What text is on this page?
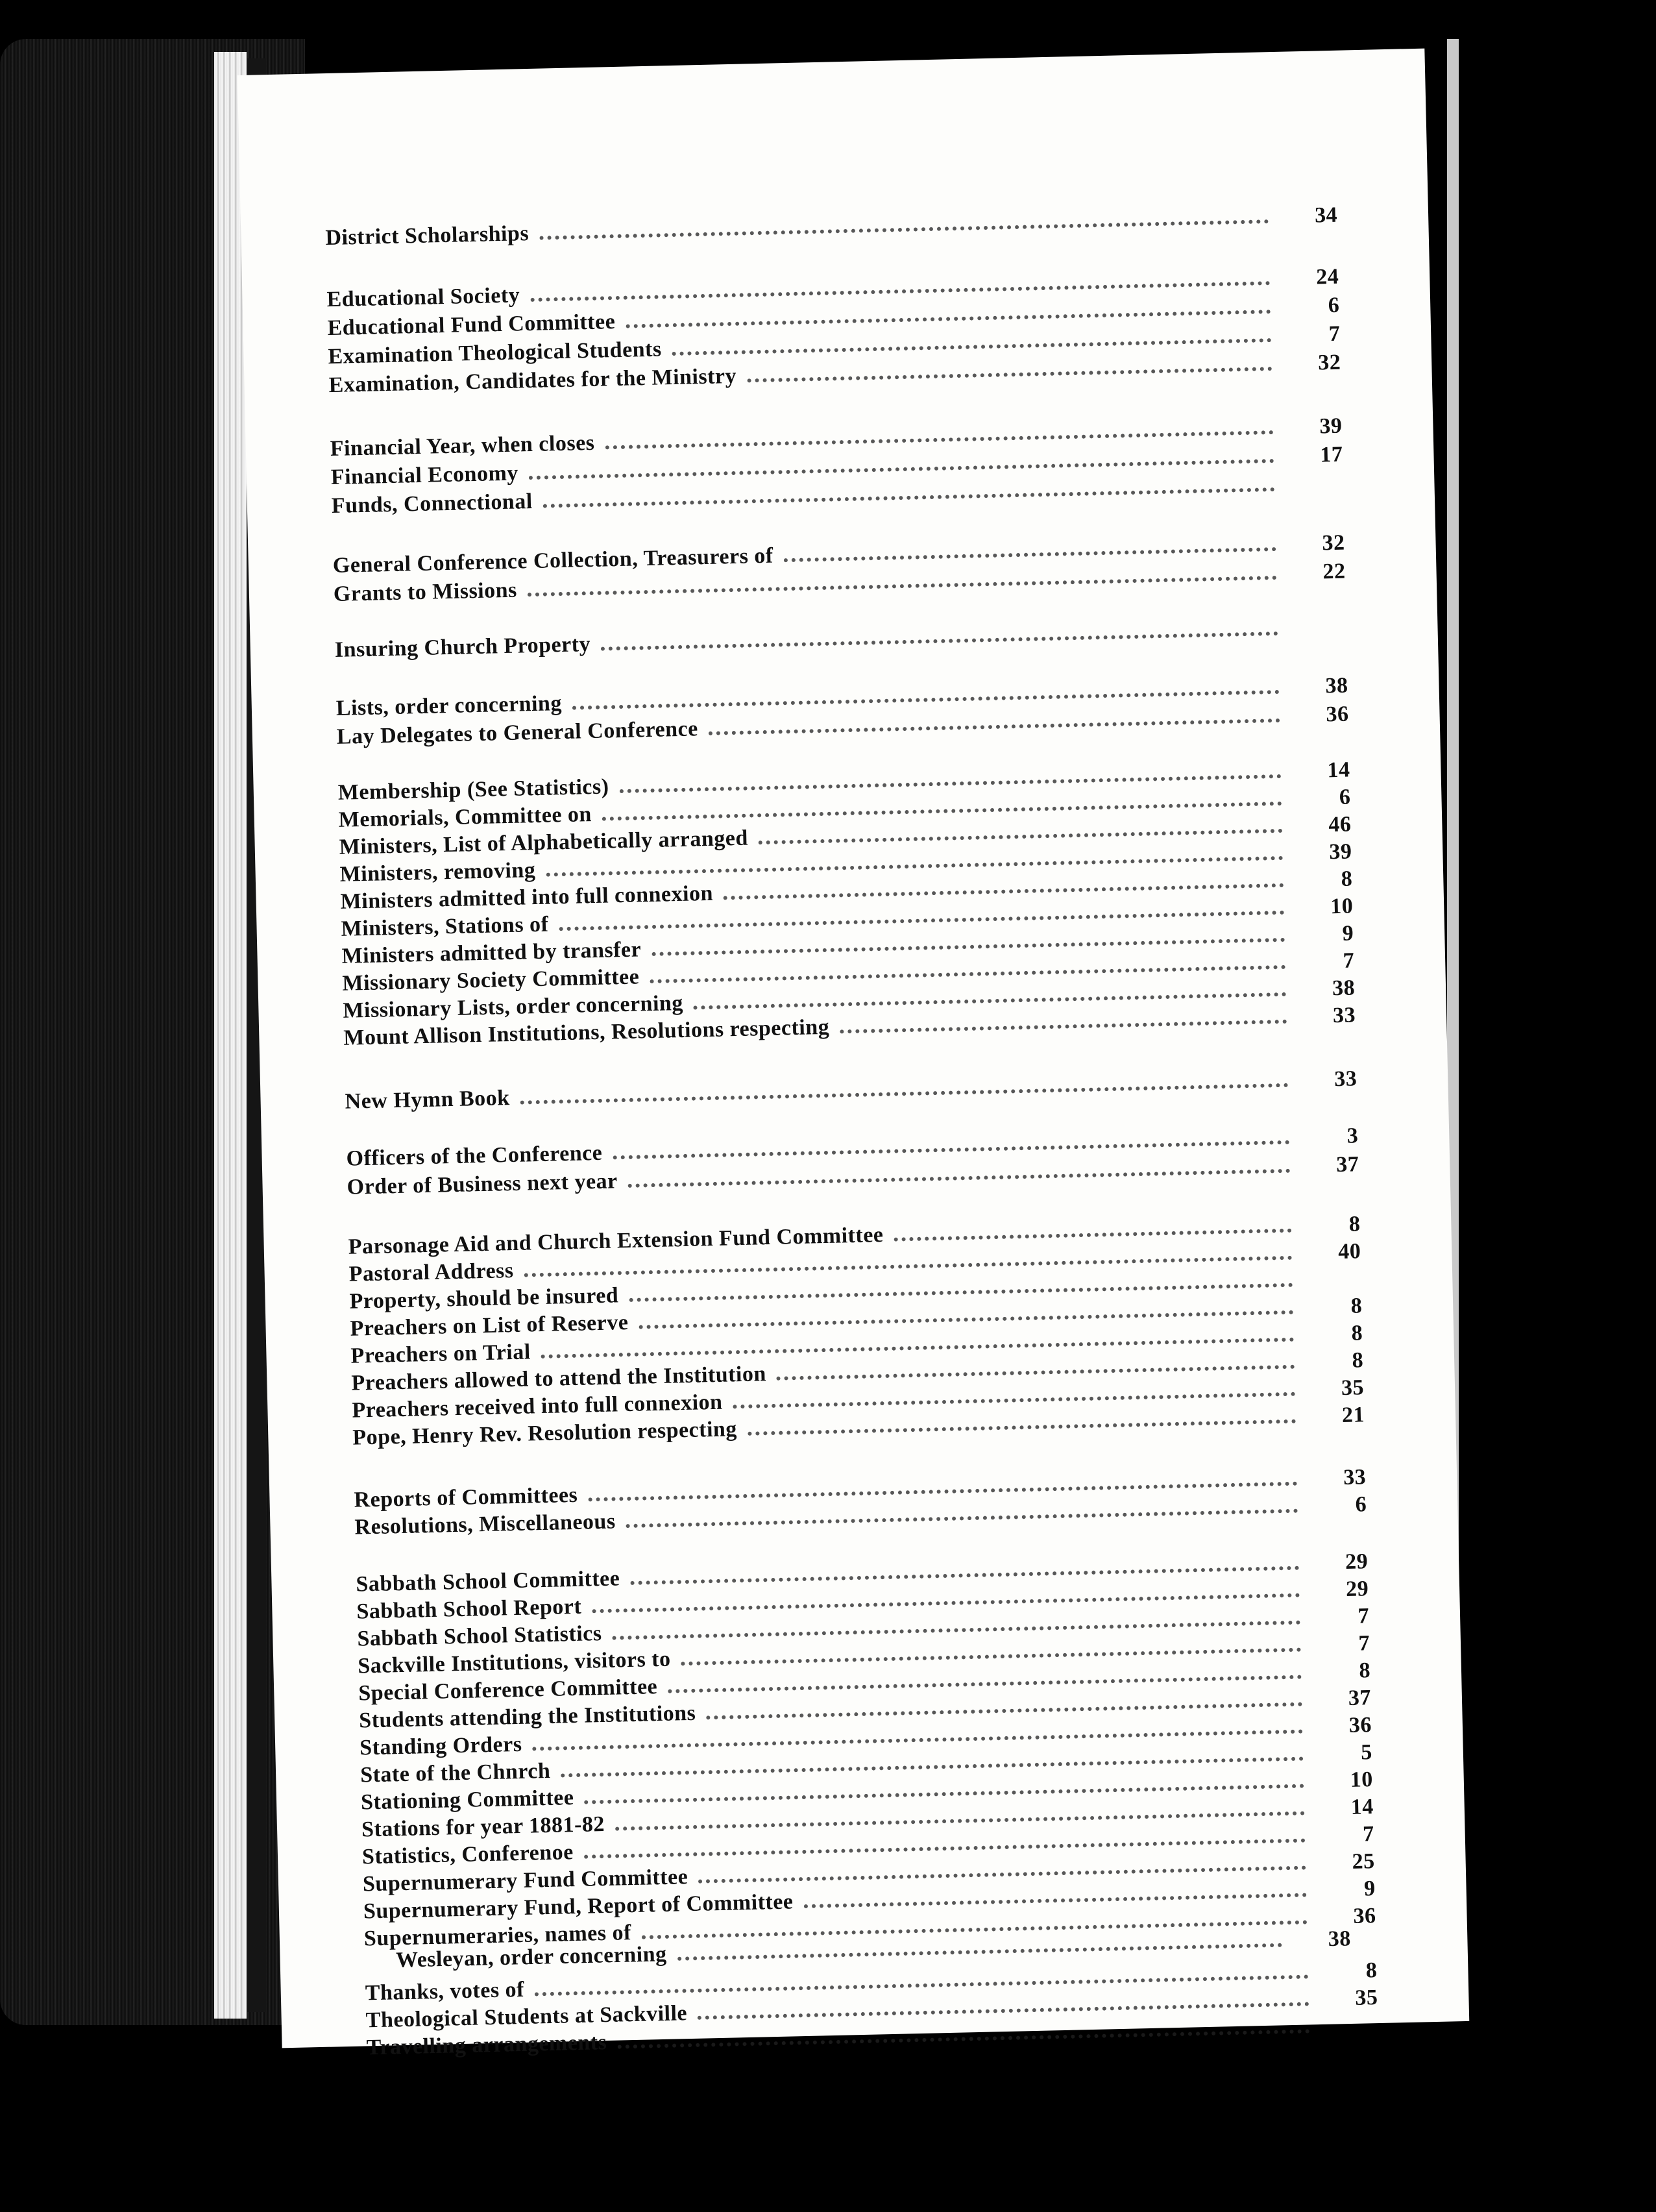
District Scholarships
34
Educational Society
24
Educational Fund Committee
6
Examination Theological Students
7
Examination, Candidates for the Ministry
32
Financial Year, when closes
39
Financial Economy
17
Funds, Connectional
General Conference Collection, Treasurers of
32
Grants to Missions
22
Insuring Church Property
Lists, order concerning
38
Lay Delegates to General Conference
36
Membership (See Statistics)
14
Memorials, Committee on
6
Ministers, List of Alphabetically arranged
46
Ministers, removing
39
Ministers admitted into full connexion
8
Ministers, Stations of
10
Ministers admitted by transfer
9
Missionary Society Committee
7
Missionary Lists, order concerning
38
Mount Allison Institutions, Resolutions respecting	33
New Hymn Book
33
Officers of the Conference
3
Order of Business next year
37
Parsonage Aid and Church Extension Fund Committee	8
Pastoral Address
40
Property, should be insured
Preachers on List of Reserve
8
Preachers on Trial
8
Preachers allowed to attend the Institution
8
Preachers received into full connexion
35
Pope, Henry Rev. Resolution respecting
21
Reports of Committees
33
Resolutions, Miscellaneous
6
Sabbath School Committee
29
Sabbath School Report
29
Sabbath School Statistics
7
Sackville Institutions, visitors to
7
Special Conference Committee
8
Students attending the Institutions
37
Standing Orders
36
State of the Chnrch
5
Stationing Committee
10
Stations for year 1881-82
14
Statistics, Conferenoe
7
Supernumerary Fund Committee
25
Supernumerary Fund, Report of Committee
9
Supernumeraries, names of
36
Thanks, votes of
8
Theological Students at Sackville
35
Travelling arrangements
Wesleyan, order concerning
38
